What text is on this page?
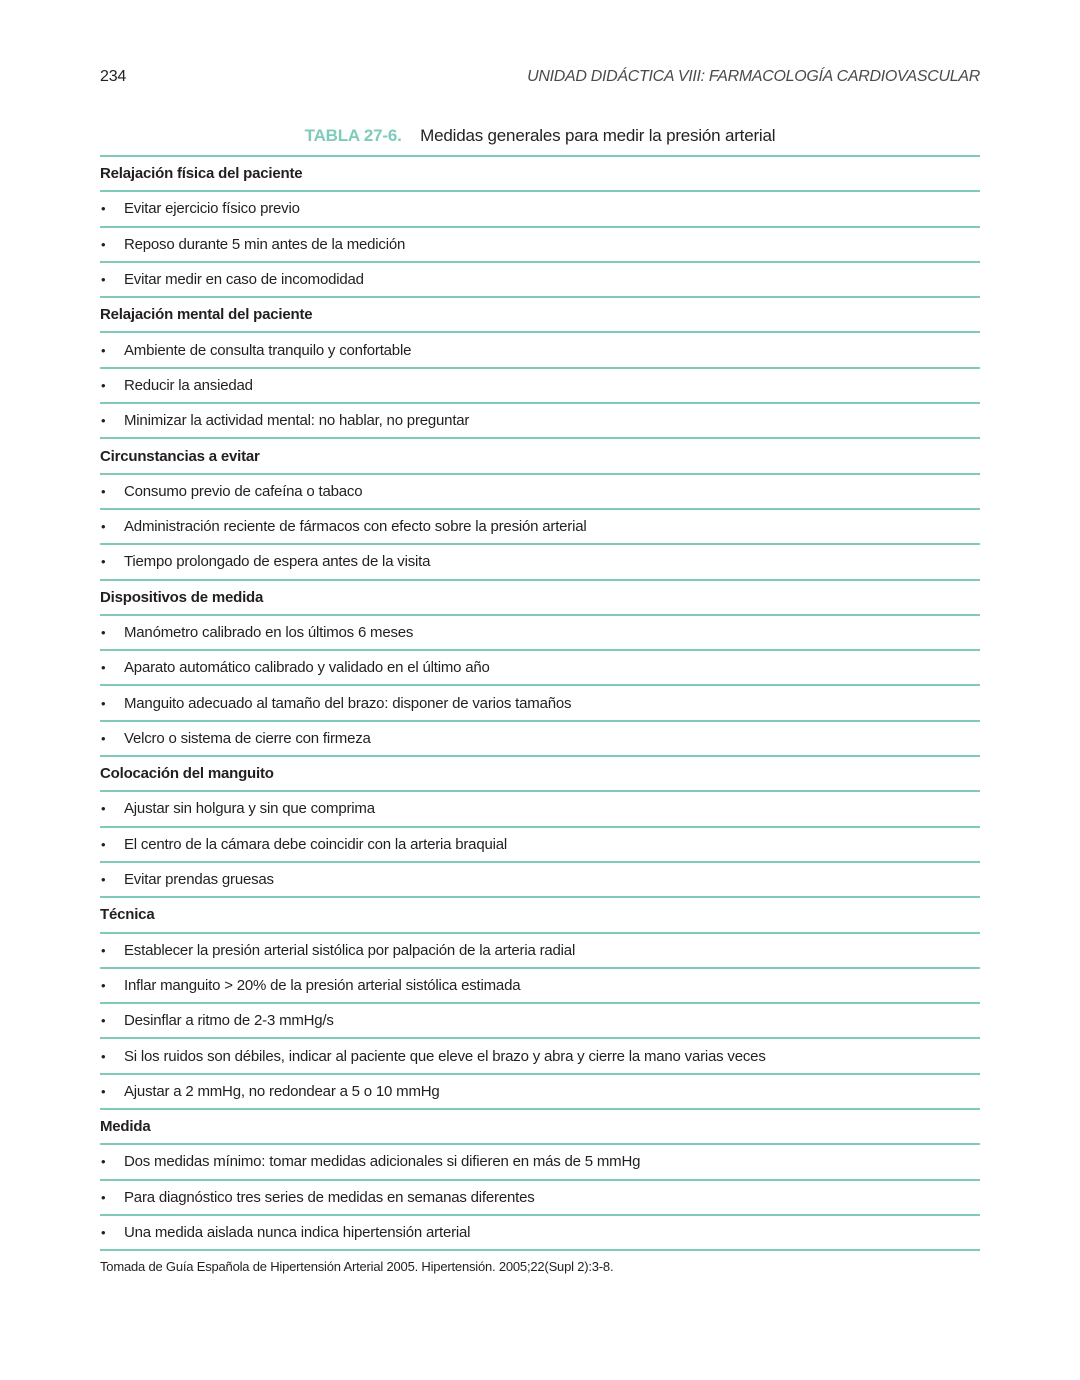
234	UNIDAD DIDÁCTICA VIII: FARMACOLOGÍA CARDIOVASCULAR
TABLA 27-6. Medidas generales para medir la presión arterial
Relajación física del paciente
•	Evitar ejercicio físico previo
•	Reposo durante 5 min antes de la medición
•	Evitar medir en caso de incomodidad
Relajación mental del paciente
•	Ambiente de consulta tranquilo y confortable
•	Reducir la ansiedad
•	Minimizar la actividad mental: no hablar, no preguntar
Circunstancias a evitar
•	Consumo previo de cafeína o tabaco
•	Administración reciente de fármacos con efecto sobre la presión arterial
•	Tiempo prolongado de espera antes de la visita
Dispositivos de medida
•	Manómetro calibrado en los últimos 6 meses
•	Aparato automático calibrado y validado en el último año
•	Manguito adecuado al tamaño del brazo: disponer de varios tamaños
•	Velcro o sistema de cierre con firmeza
Colocación del manguito
•	Ajustar sin holgura y sin que comprima
•	El centro de la cámara debe coincidir con la arteria braquial
•	Evitar prendas gruesas
Técnica
•	Establecer la presión arterial sistólica por palpación de la arteria radial
•	Inflar manguito > 20% de la presión arterial sistólica estimada
•	Desinflar a ritmo de 2-3 mmHg/s
•	Si los ruidos son débiles, indicar al paciente que eleve el brazo y abra y cierre la mano varias veces
•	Ajustar a 2 mmHg, no redondear a 5 o 10 mmHg
Medida
•	Dos medidas mínimo: tomar medidas adicionales si difieren en más de 5 mmHg
•	Para diagnóstico tres series de medidas en semanas diferentes
•	Una medida aislada nunca indica hipertensión arterial
Tomada de Guía Española de Hipertensión Arterial 2005. Hipertensión. 2005;22(Supl 2):3-8.
